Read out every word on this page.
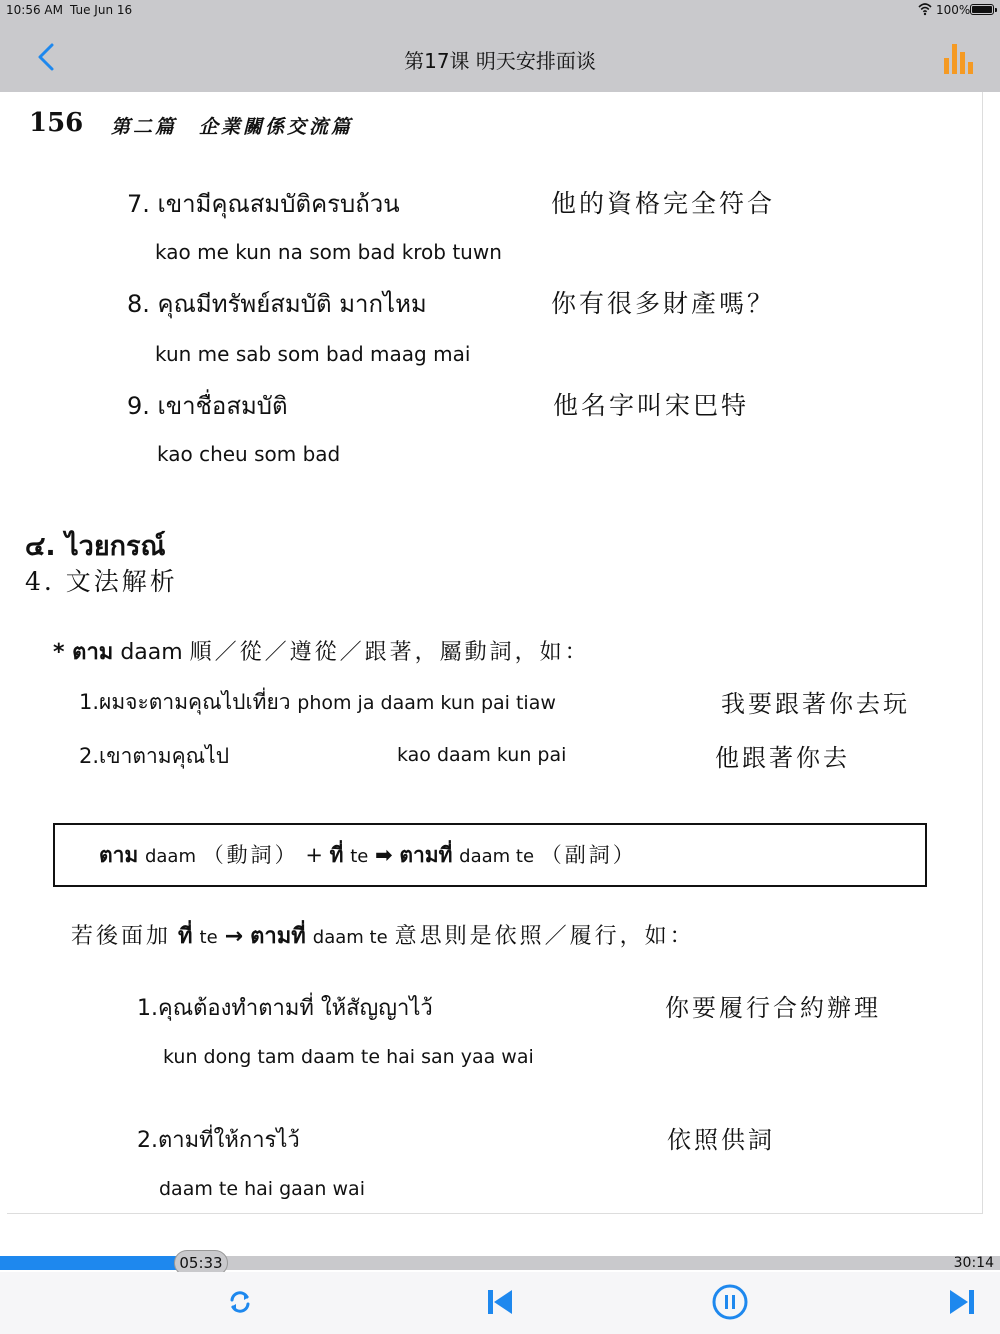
10:56 AM Tue Jun 16	100%
第17课 明天安排面谈
156 第二篇　企業關係交流篇
7. เขามีคุณสมบัติครบถ้วน	他的資格完全符合
kao me kun na som bad krob tuwn
8. คุณมีทรัพย์สมบัติ มากไหม	你有很多財產嗎？
kun me sab som bad maag mai
9. เขาชื่อสมบัติ	他名字叫宋巴特
kao cheu som bad
๔. ไวยกรณ์
4. 文法解析
* ตาม daam 順／從／遵從／跟著，屬動詞，如：
1.ผมจะตามคุณไปเที่ยว phom ja daam kun pai tiaw	我要跟著你去玩
2.เขาตามคุณไป	kao daam kun pai	他跟著你去
ตาม daam （動詞） + ที่ te ➡ ตามที่ daam te （副詞）
若後面加 ที่ te → ตามที่ daam te 意思則是依照／履行，如：
1.คุณต้องทำตามที่ ให้สัญญาไว้	你要履行合約辦理
kun dong tam daam te hai san yaa wai
2.ตามที่ให้การไว้	依照供詞
daam te hai gaan wai
05:33	30:14
